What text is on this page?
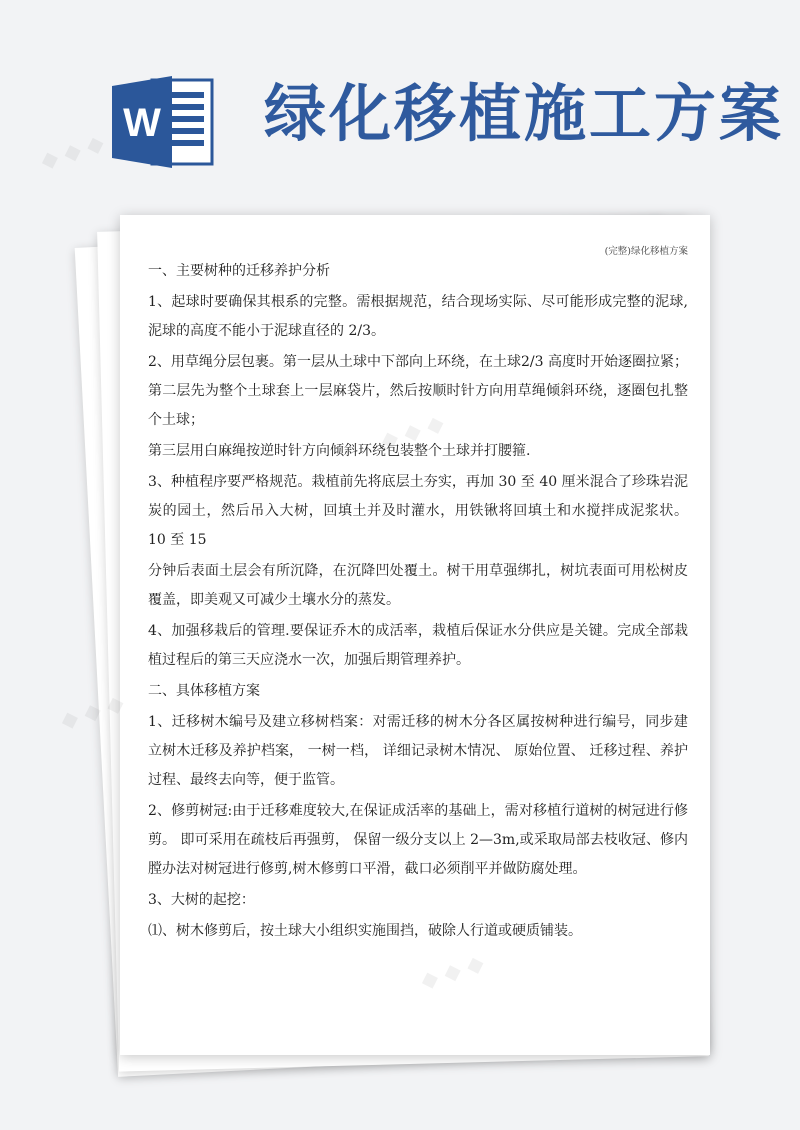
W 绿化移植施工方案
(完整)绿化移植方案

一、主要树种的迁移养护分析

1、起球时要确保其根系的完整。需根据规范，结合现场实际、尽可能形成完整的泥球,泥球的高度不能小于泥球直径的 2/3。

2、用草绳分层包裹。第一层从土球中下部向上环绕，在土球2/3 高度时开始逐圈拉紧；第二层先为整个土球套上一层麻袋片，然后按顺时针方向用草绳倾斜环绕，逐圈包扎整个土球；

第三层用白麻绳按逆时针方向倾斜环绕包装整个土球并打腰箍.

3、种植程序要严格规范。栽植前先将底层土夯实，再加 30 至 40 厘米混合了珍珠岩泥炭的园土，然后吊入大树，回填土并及时灌水，用铁锹将回填土和水搅拌成泥浆状。 10 至 15

分钟后表面土层会有所沉降，在沉降凹处覆土。树干用草强绑扎，树坑表面可用松树皮覆盖，即美观又可减少土壤水分的蒸发。

4、加强移栽后的管理.要保证乔木的成活率，栽植后保证水分供应是关键。完成全部栽植过程后的第三天应浇水一次，加强后期管理养护。

二、具体移植方案

1、迁移树木编号及建立移树档案：对需迁移的树木分各区属按树种进行编号，同步建立树木迁移及养护档案， 一树一档， 详细记录树木情况、 原始位置、 迁移过程、养护过程、最终去向等，便于监管。

2、修剪树冠:由于迁移难度较大,在保证成活率的基础上，需对移植行道树的树冠进行修剪。 即可采用在疏枝后再强剪， 保留一级分支以上 2—3m,或采取局部去枝收冠、修内膛办法对树冠进行修剪,树木修剪口平滑，截口必须削平并做防腐处理。

3、大树的起挖：

⑴、树木修剪后，按土球大小组织实施围挡，破除人行道或硬质铺装。

◆ ◆ ◆
◆ ◆ ◆
